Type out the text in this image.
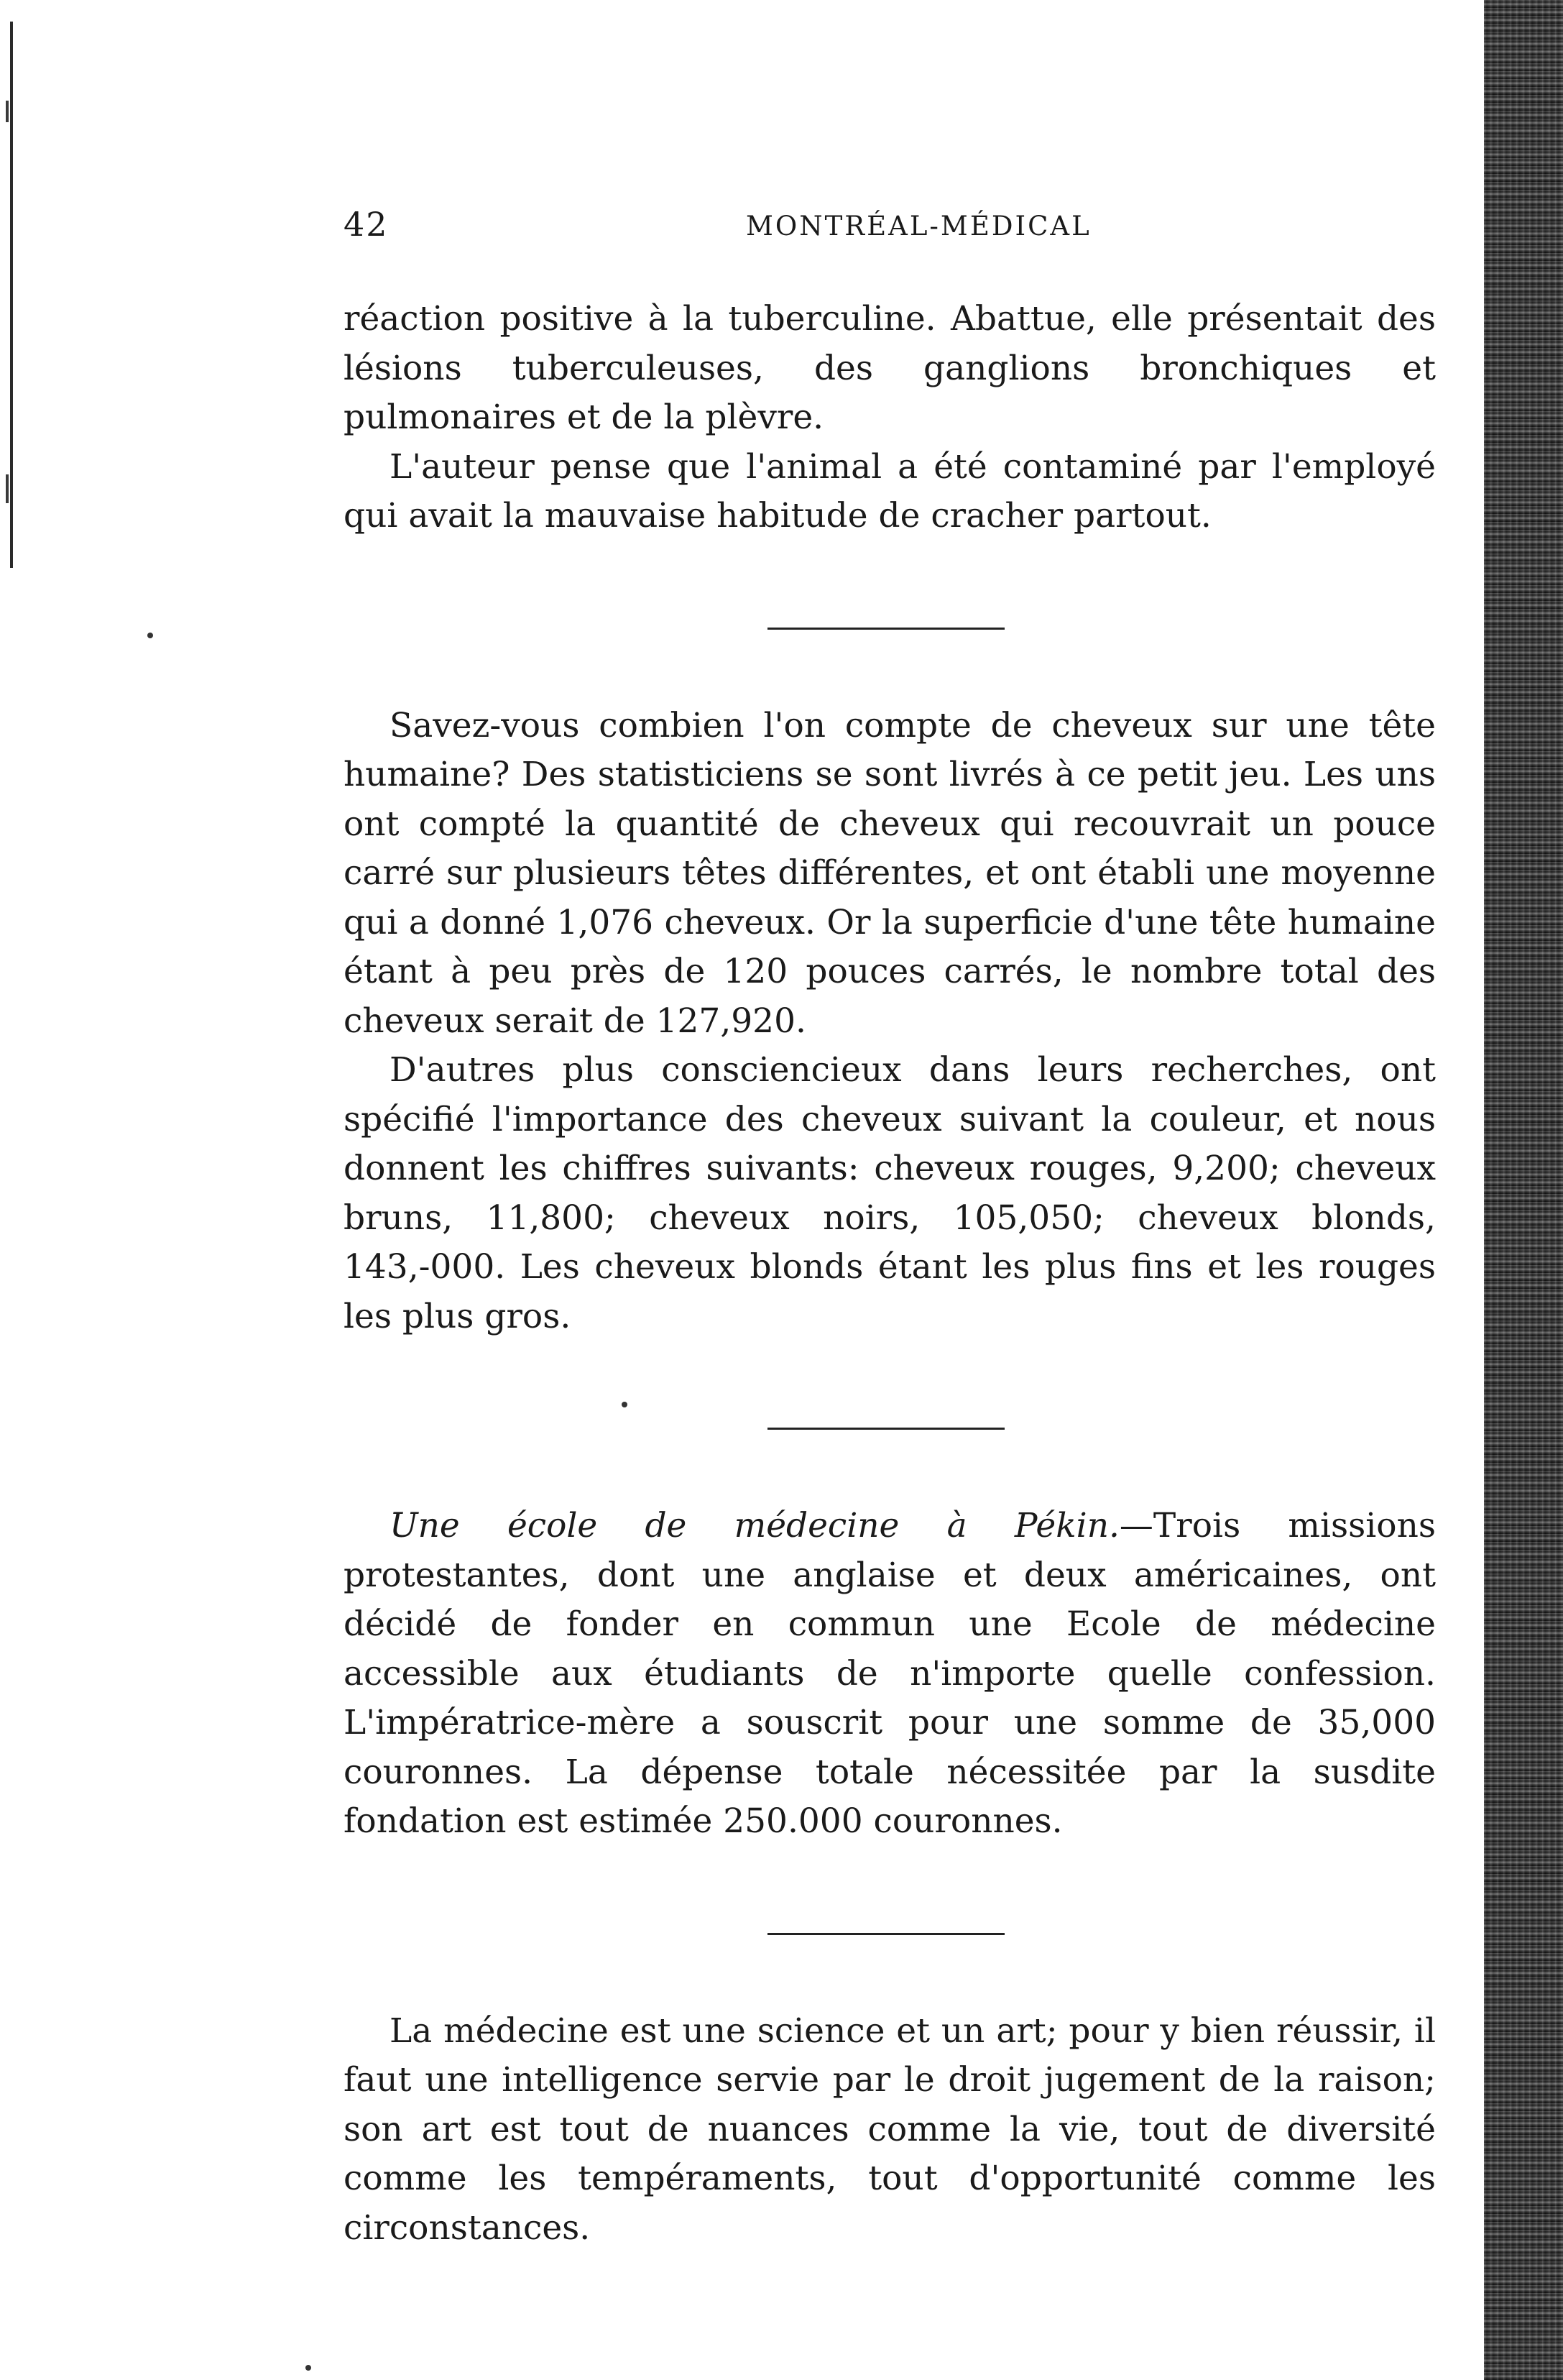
42	MONTRÉAL-MÉDICAL

réaction positive à la tuberculine. Abattue, elle présentait des lésions tuberculeuses, des ganglions bronchiques et pulmonaires et de la plèvre.

L'auteur pense que l'animal a été contaminé par l'employé qui avait la mauvaise habitude de cracher partout.

Savez-vous combien l'on compte de cheveux sur une tête humaine? Des statisticiens se sont livrés à ce petit jeu. Les uns ont compté la quantité de cheveux qui recouvrait un pouce carré sur plusieurs têtes différentes, et ont établi une moyenne qui a donné 1,076 cheveux. Or la superficie d'une tête humaine étant à peu près de 120 pouces carrés, le nombre total des cheveux serait de 127,920.

D'autres plus consciencieux dans leurs recherches, ont spécifié l'importance des cheveux suivant la couleur, et nous donnent les chiffres suivants: cheveux rouges, 9,200; cheveux bruns, 11,800; cheveux noirs, 105,050; cheveux blonds, 143,-000. Les cheveux blonds étant les plus fins et les rouges les plus gros.

Une école de médecine à Pékin.—Trois missions protestantes, dont une anglaise et deux américaines, ont décidé de fonder en commun une Ecole de médecine accessible aux étudiants de n'importe quelle confession. L'impératrice-mère a souscrit pour une somme de 35,000 couronnes. La dépense totale nécessitée par la susdite fondation est estimée 250.000 couronnes.

La médecine est une science et un art; pour y bien réussir, il faut une intelligence servie par le droit jugement de la raison; son art est tout de nuances comme la vie, tout de diversité comme les tempéraments, tout d'opportunité comme les circonstances.
